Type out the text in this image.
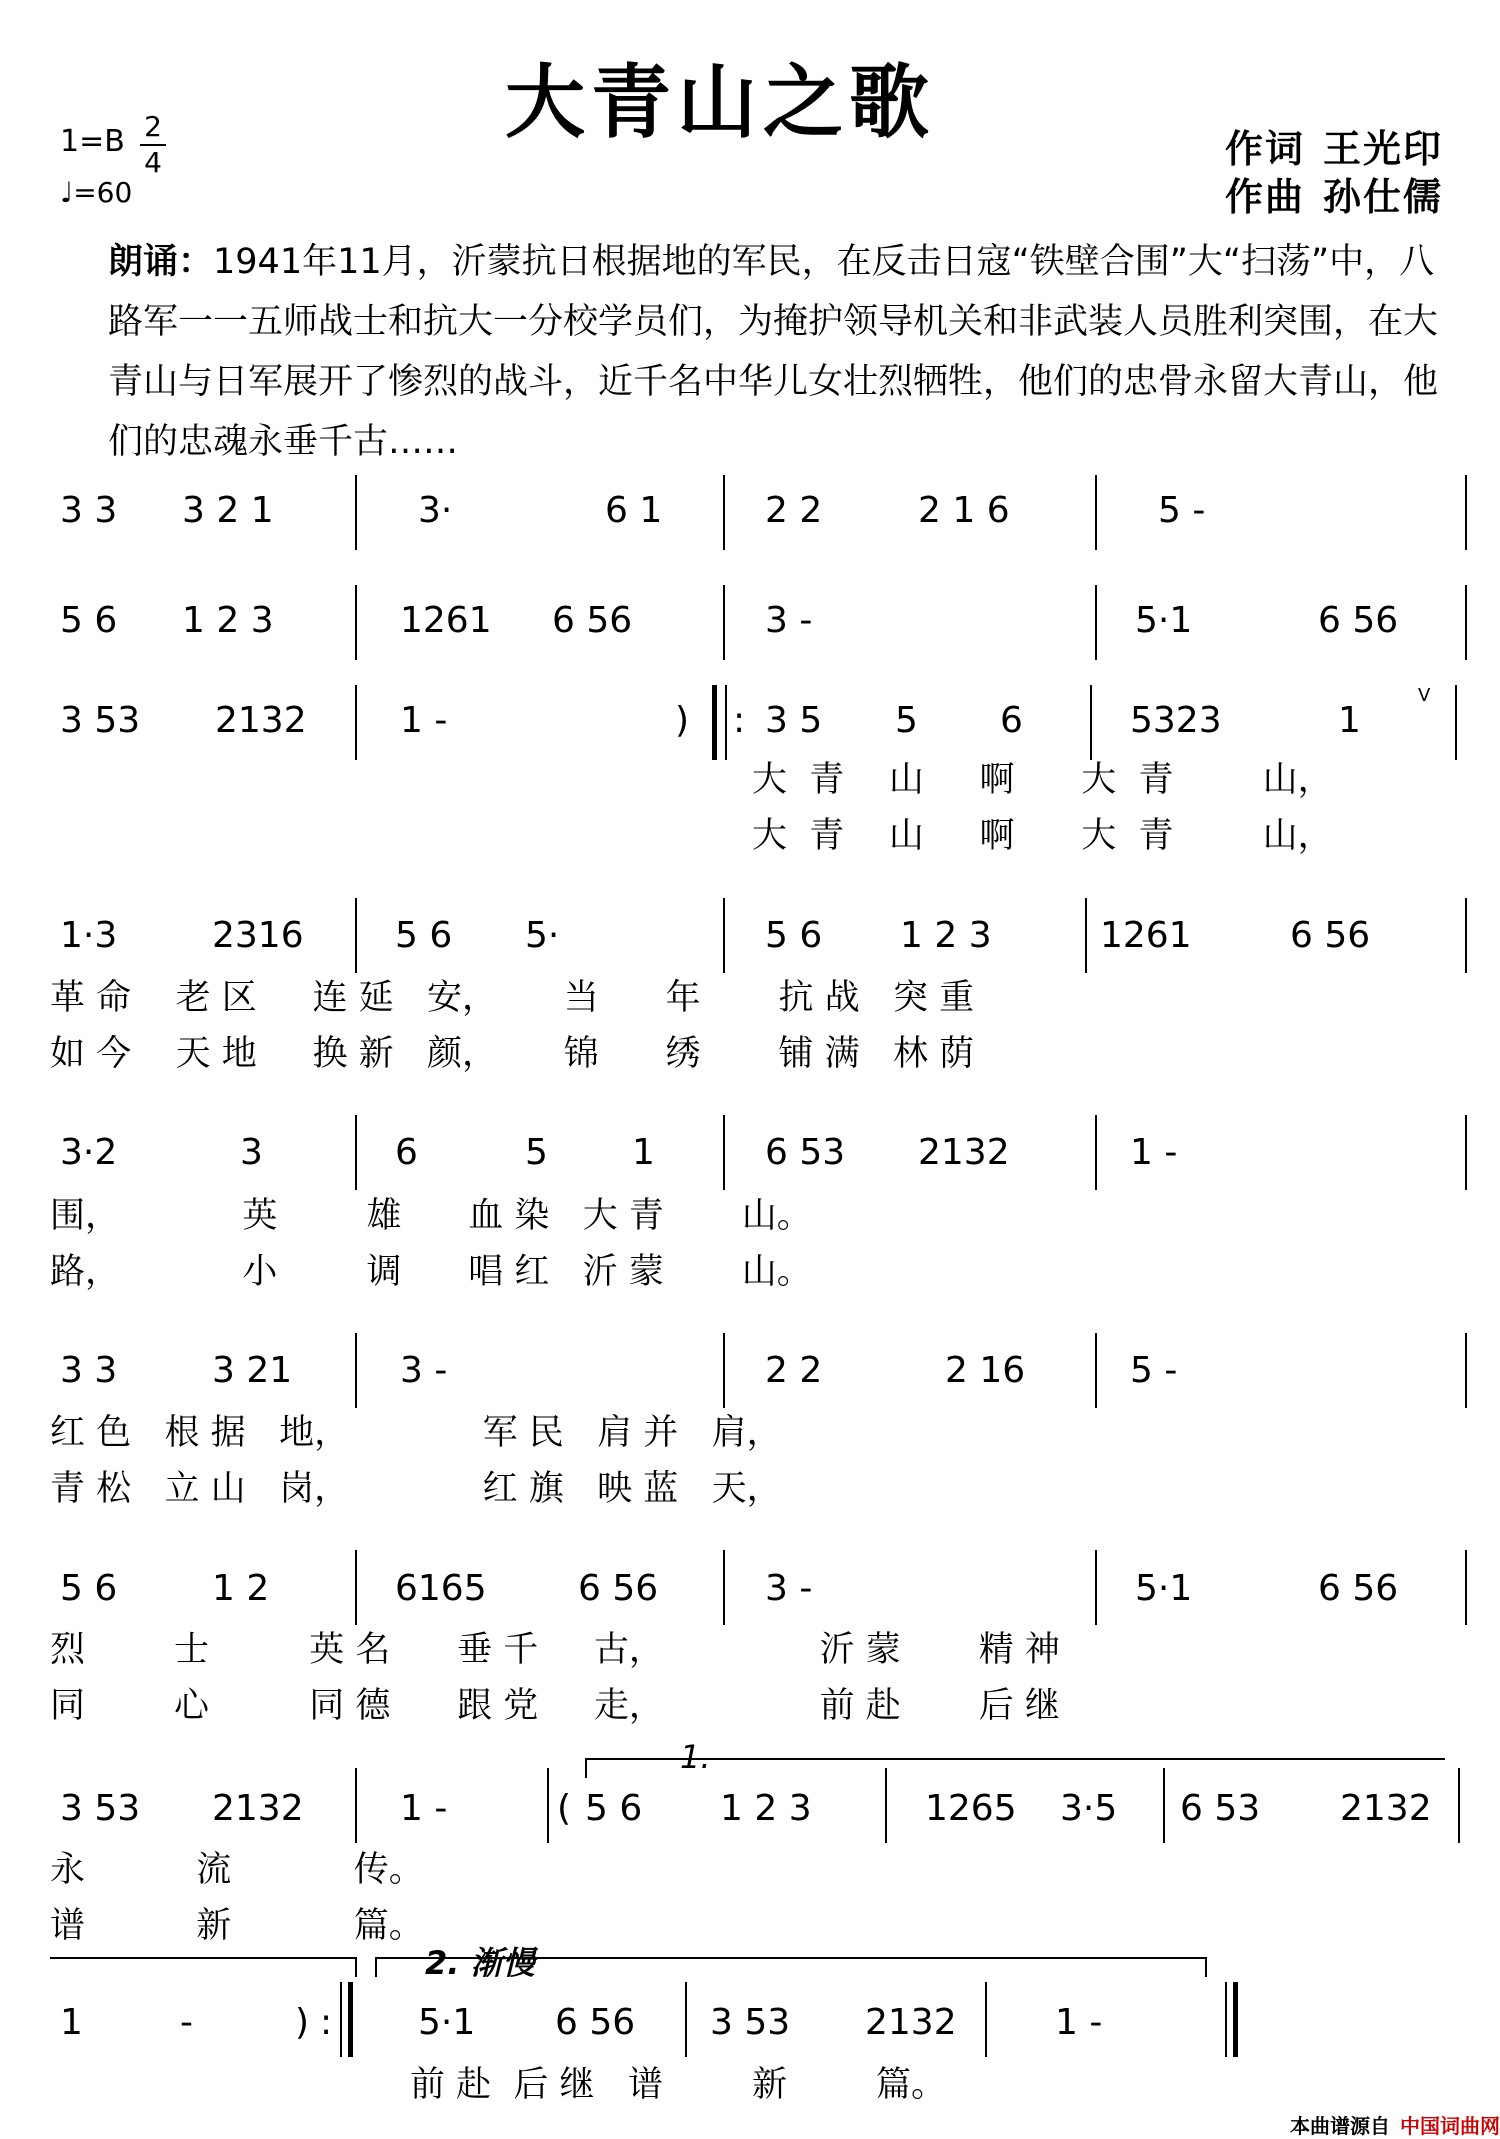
大青山之歌
1=B 2
4
♩=60
作词 王光印
作曲 孙仕儒
朗诵：1941年11月，沂蒙抗日根据地的军民，在反击日寇“铁壁合围”大“扫荡”中，八路军一一五师战士和抗大一分校学员们，为掩护领导机关和非武装人员胜利突围，在大青山与日军展开了惨烈的战斗，近千名中华儿女壮烈牺牲，他们的忠骨永留大青山，他们的忠魂永垂千古……
3 3 3 2 1	3·	6 1	2 2	2 1 6	5 -
5 6 1 2 3	1261 6 56	3 -	5·1	6 56
3 53 2132	1 -	) : 3 5 5 6	5323	1
V
大 青 山 啊 大 青	山，
大 青 山 啊 大 青	山，
1·3	2316	5 6 5·	5 6 1 2 3	1261	6 56
革 命 老 区 连 延 安， 当 年 抗 战 突 重
如 今 天 地 换 新 颜， 锦 绣 铺 满 林 荫
3·2	3	6	5 1	6 53 2132	1 -
围，	英	雄 血 染 大 青 山。
路，	小	调 唱 红 沂 蒙 山。
3 3	3 21	3 -	2 2	2 16	5 -
红 色 根 据 地，	军 民 肩 并 肩，
青 松 立 山 岗，	红 旗 映 蓝 天，
5 6	1 2	6165	6 56	3 -	5·1	6 56
烈	士	英 名 垂 千 古，	沂 蒙 精 神
同	心	同 德 跟 党 走，	前 赴 后 继
1.
3 53 2132	1 -	( 5 6 1 2 3	1265 3·5 6 53 2132
永	流	传。
谱	新	篇。
2. 渐慢
1	-	) : 5·1 6 56 3 53 2132	1 -
前 赴 后 继 谱	新	篇。
本曲谱源自 中国词曲网
